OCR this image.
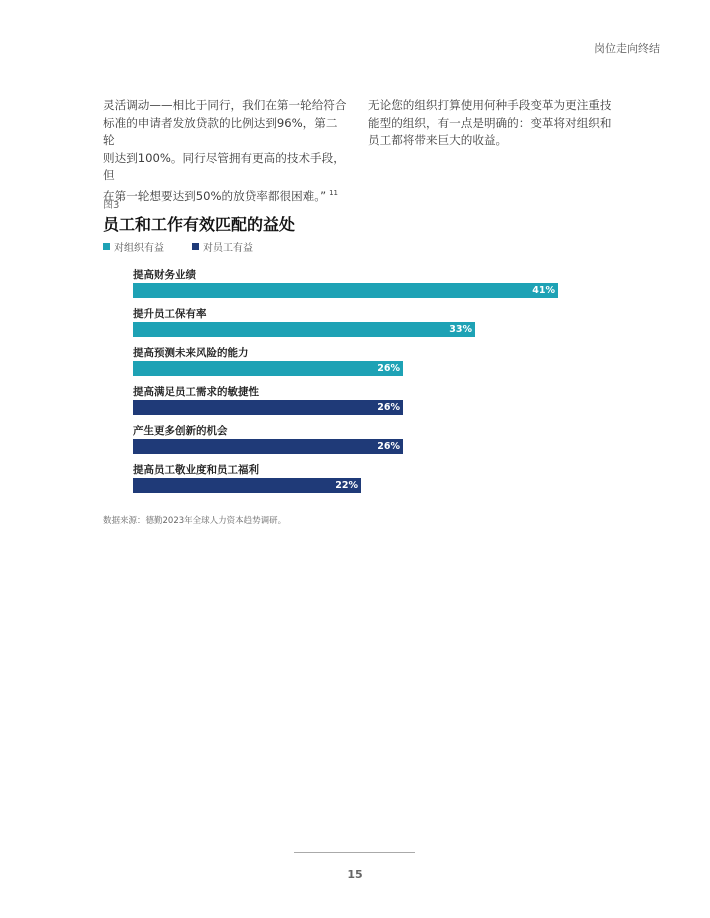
岗位走向终结
灵活调动——相比于同行，我们在第一轮给符合
标准的申请者发放贷款的比例达到96%，第二轮
则达到100%。同行尽管拥有更高的技术手段，但
在第一轮想要达到50%的放贷率都很困难。” $^{11}$
无论您的组织打算使用何种手段变革为更注重技
能型的组织，有一点是明确的：变革将对组织和
员工都将带来巨大的收益。
图3
员工和工作有效匹配的益处
对组织有益	对员工有益
提高财务业绩
41%
提升员工保有率
33%
提高预测未来风险的能力
26%
提高满足员工需求的敏捷性
26%
产生更多创新的机会
26%
提高员工敬业度和员工福利
22%
数据来源：德勤2023年全球人力资本趋势调研。
15
